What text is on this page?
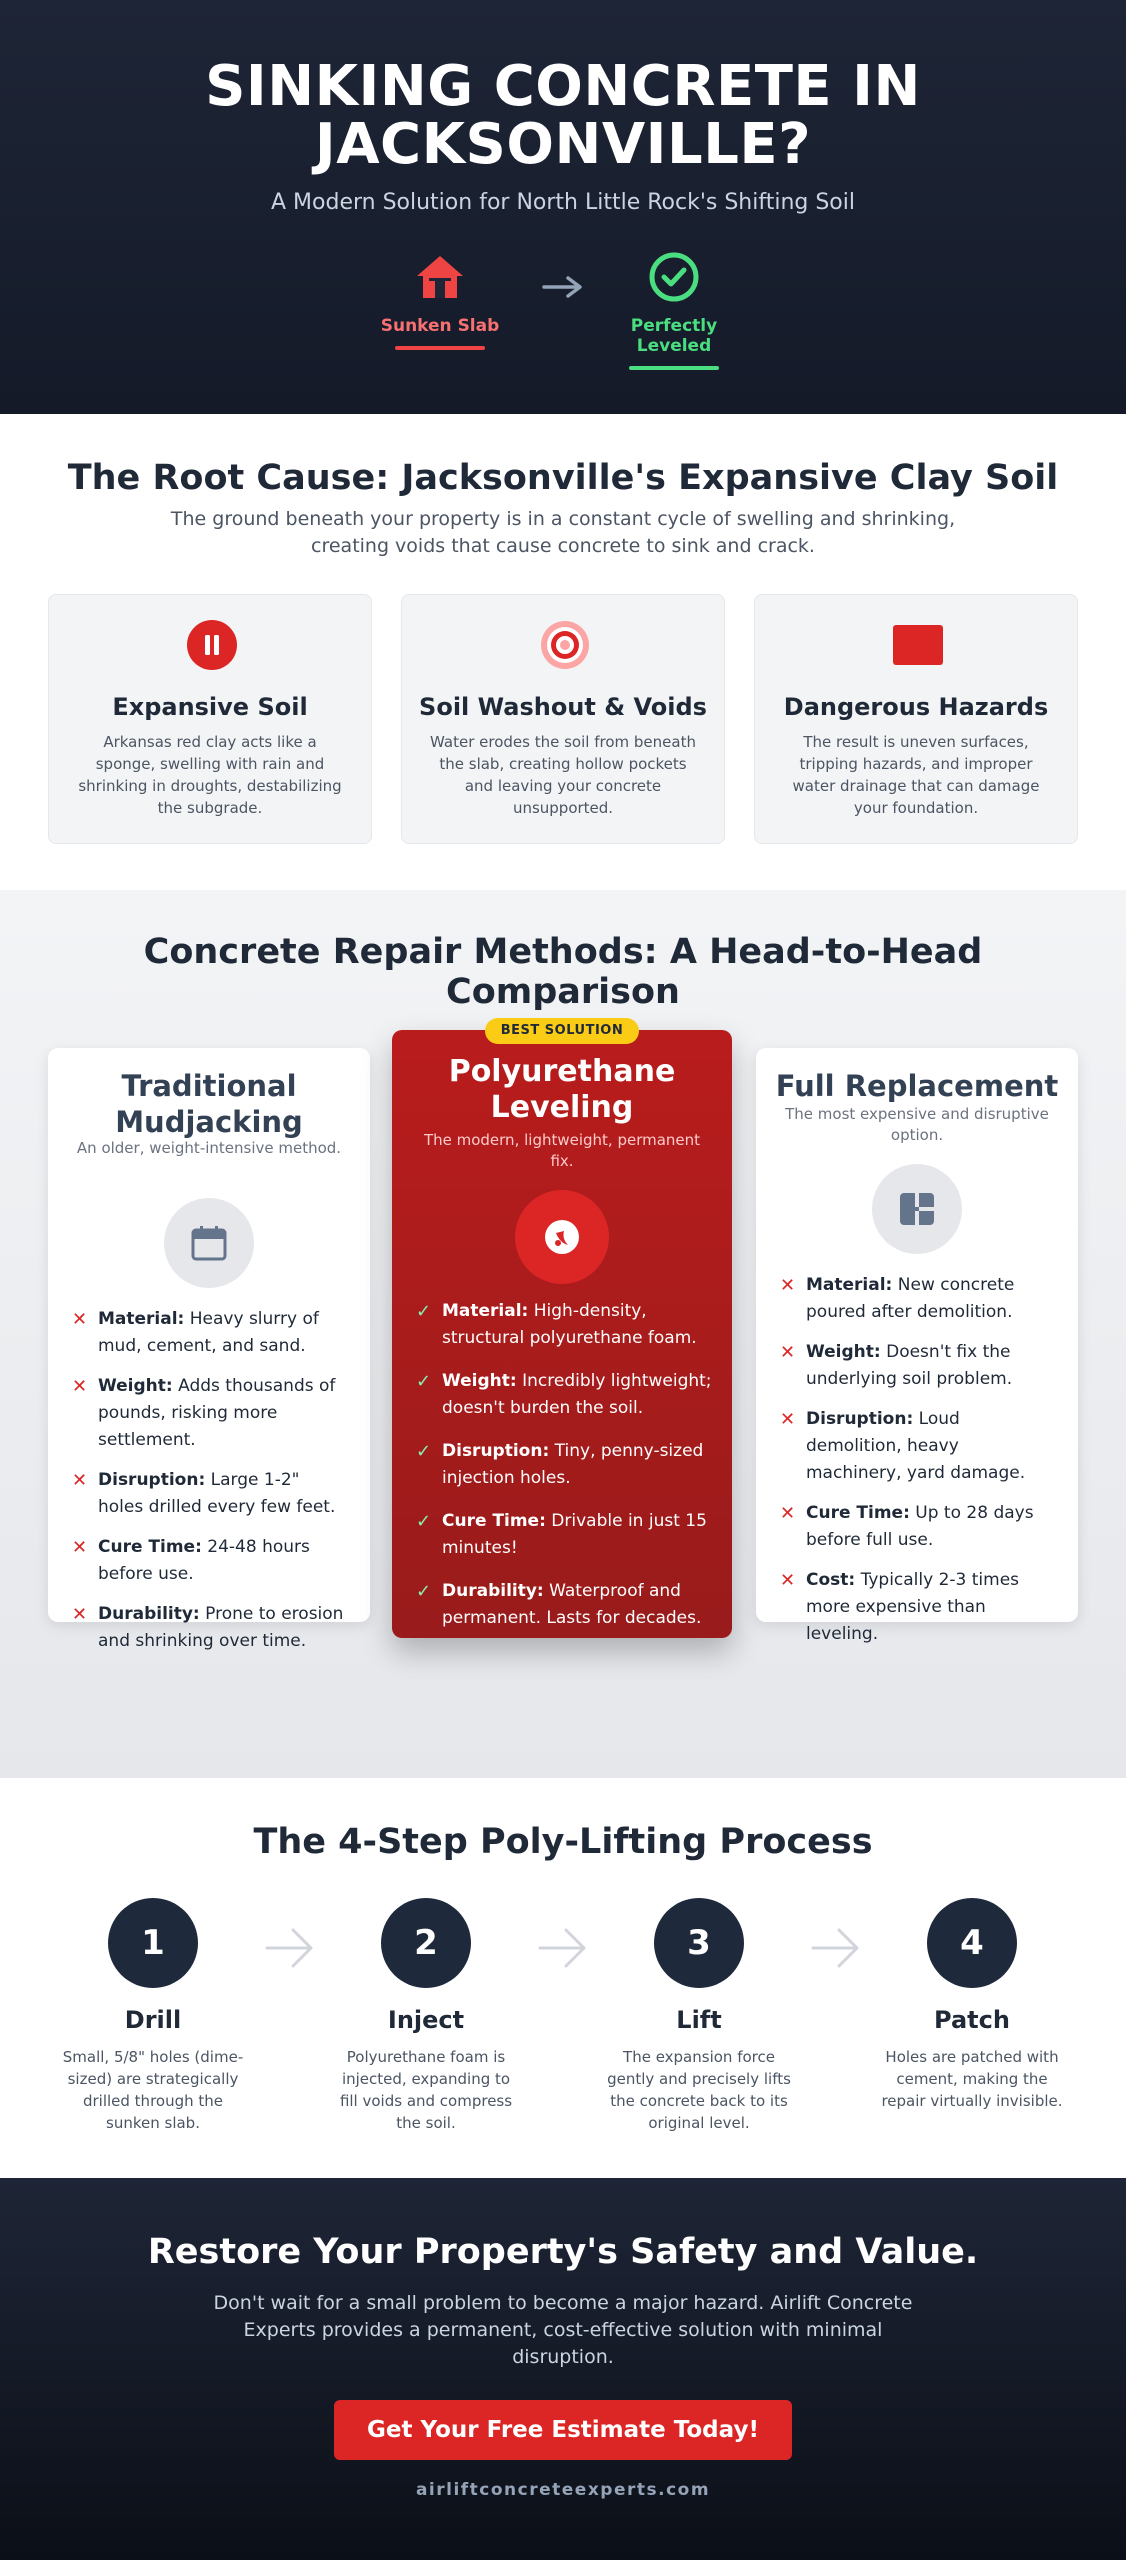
SINKING CONCRETE IN
JACKSONVILLE?

A Modern Solution for North Little Rock's Shifting Soil

Sunken Slab	Perfectly Leveled
The Root Cause: Jacksonville's Expansive Clay Soil

The ground beneath your property is in a constant cycle of swelling and shrinking, creating voids that cause concrete to sink and crack.

Expansive Soil
Arkansas red clay acts like a sponge, swelling with rain and shrinking in droughts, destabilizing the subgrade.
Soil Washout & Voids
Water erodes the soil from beneath the slab, creating hollow pockets and leaving your concrete unsupported.
Dangerous Hazards
The result is uneven surfaces, tripping hazards, and improper water drainage that can damage your foundation.
Concrete Repair Methods: A Head-to-Head
Comparison
Traditional
Mudjacking
An older, weight-intensive method.
✕ Material: Heavy slurry of mud, cement, and sand.
✕ Weight: Adds thousands of pounds, risking more settlement.
✕ Disruption: Large 1-2" holes drilled every few feet.
✕ Cure Time: 24-48 hours before use.
✕ Durability: Prone to erosion and shrinking over time.
BEST SOLUTION
Polyurethane
Leveling
The modern, lightweight, permanent fix.
✓ Material: High-density, structural polyurethane foam.
✓ Weight: Incredibly lightweight; doesn't burden the soil.
✓ Disruption: Tiny, penny-sized injection holes.
✓ Cure Time: Drivable in just 15 minutes!
✓ Durability: Waterproof and permanent. Lasts for decades.
Full Replacement
The most expensive and disruptive option.
✕ Material: New concrete poured after demolition.
✕ Weight: Doesn't fix the underlying soil problem.
✕ Disruption: Loud demolition, heavy machinery, yard damage.
✕ Cure Time: Up to 28 days before full use.
✕ Cost: Typically 2-3 times more expensive than leveling.
The 4-Step Poly-Lifting Process
1
Drill
Small, 5/8" holes (dime-sized) are strategically drilled through the sunken slab.
2
Inject
Polyurethane foam is injected, expanding to fill voids and compress the soil.
3
Lift
The expansion force gently and precisely lifts the concrete back to its original level.
4
Patch
Holes are patched with cement, making the repair virtually invisible.
Restore Your Property's Safety and Value.

Don't wait for a small problem to become a major hazard. Airlift Concrete Experts provides a permanent, cost-effective solution with minimal disruption.

Get Your Free Estimate Today!
airliftconcreteexperts.com
